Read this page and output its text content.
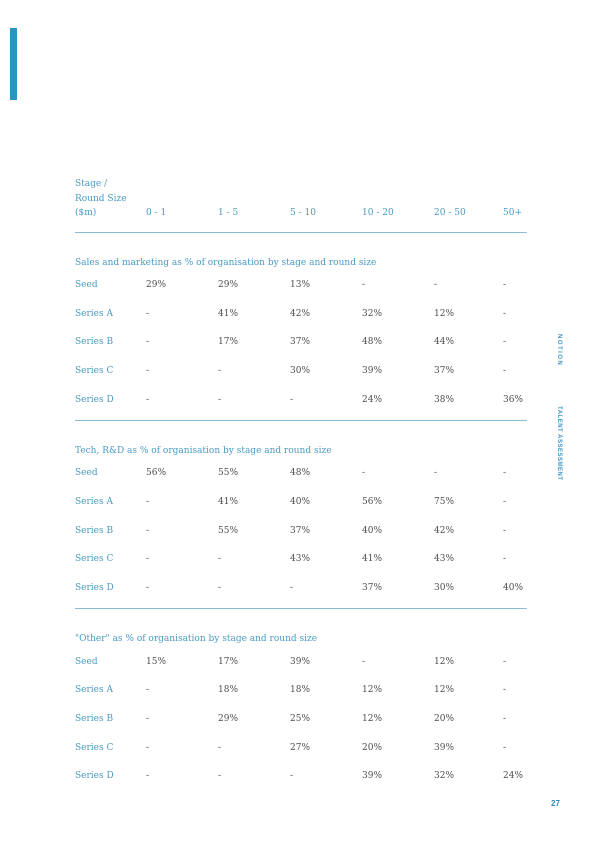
Stage /
Round Size
($m)	0 - 1	1 - 5	5 - 10	10 - 20	20 - 50	50+
Sales and marketing as % of organisation by stage and round size
Seed	29%	29%	13%	-	-	-
Series A	-	41%	42%	32%	12%	-
Series B	-	17%	37%	48%	44%	-
Series C	-	-	30%	39%	37%	-
Series D	-	-	-	24%	38%	36%
Tech, R&D as % of organisation by stage and round size
Seed	56%	55%	48%	-	-	-
Series A	-	41%	40%	56%	75%	-
Series B	-	55%	37%	40%	42%	-
Series C	-	-	43%	41%	43%	-
Series D	-	-	-	37%	30%	40%
"Other" as % of organisation by stage and round size
Seed	15%	17%	39%	-	12%	-
Series A	-	18%	18%	12%	12%	-
Series B	-	29%	25%	12%	20%	-
Series C	-	-	27%	20%	39%	-
Series D	-	-	-	39%	32%	24%
NOTION
TALENT ASSESSMENT
27
